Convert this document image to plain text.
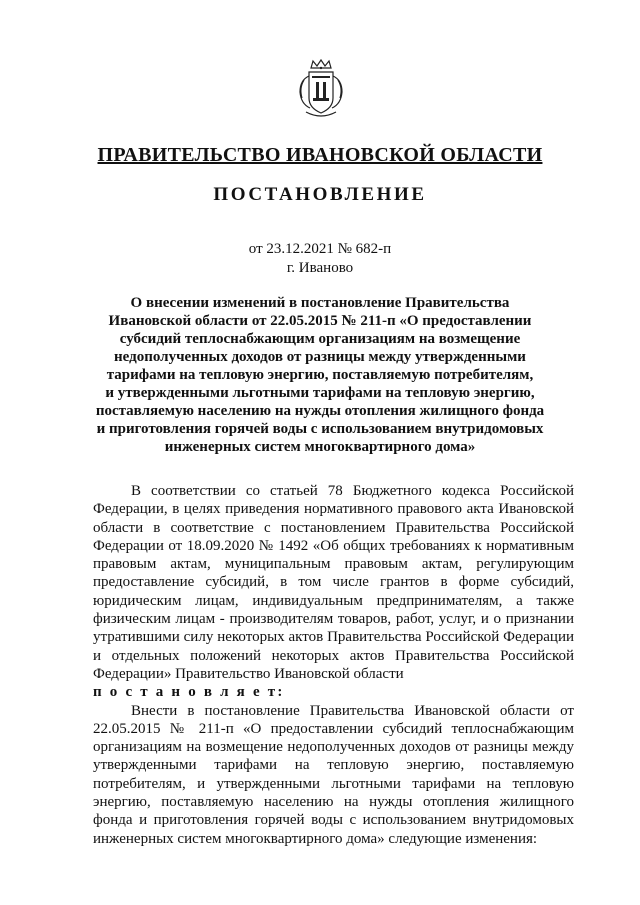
ПРАВИТЕЛЬСТВО ИВАНОВСКОЙ ОБЛАСТИ
ПОСТАНОВЛЕНИЕ
от 23.12.2021 № 682-п
г. Иваново
О внесении изменений в постановление Правительства
Ивановской области от 22.05.2015 № 211-п «О предоставлении
субсидий теплоснабжающим организациям на возмещение
недополученных доходов от разницы между утвержденными
тарифами на тепловую энергию, поставляемую потребителям,
и утвержденными льготными тарифами на тепловую энергию,
поставляемую населению на нужды отопления жилищного фонда
и приготовления горячей воды с использованием внутридомовых
инженерных систем многоквартирного дома»

В соответствии со статьей 78 Бюджетного кодекса Российской Федерации, в целях приведения нормативного правового акта Ивановской области в соответствие с постановлением Правительства Российской Федерации от 18.09.2020 № 1492 «Об общих требованиях к нормативным правовым актам, муниципальным правовым актам, регулирующим предоставление субсидий, в том числе грантов в форме субсидий, юридическим лицам, индивидуальным предпринимателям, а также физическим лицам - производителям товаров, работ, услуг, и о признании утратившими силу некоторых актов Правительства Российской Федерации и отдельных положений некоторых актов Правительства Российской Федерации» Правительство Ивановской области

п о с т а н о в л я е т:

Внести в постановление Правительства Ивановской области от 22.05.2015 № 211-п «О предоставлении субсидий теплоснабжающим организациям на возмещение недополученных доходов от разницы между утвержденными тарифами на тепловую энергию, поставляемую потребителям, и утвержденными льготными тарифами на тепловую энергию, поставляемую населению на нужды отопления жилищного фонда и приготовления горячей воды с использованием внутридомовых инженерных систем многоквартирного дома» следующие изменения:
